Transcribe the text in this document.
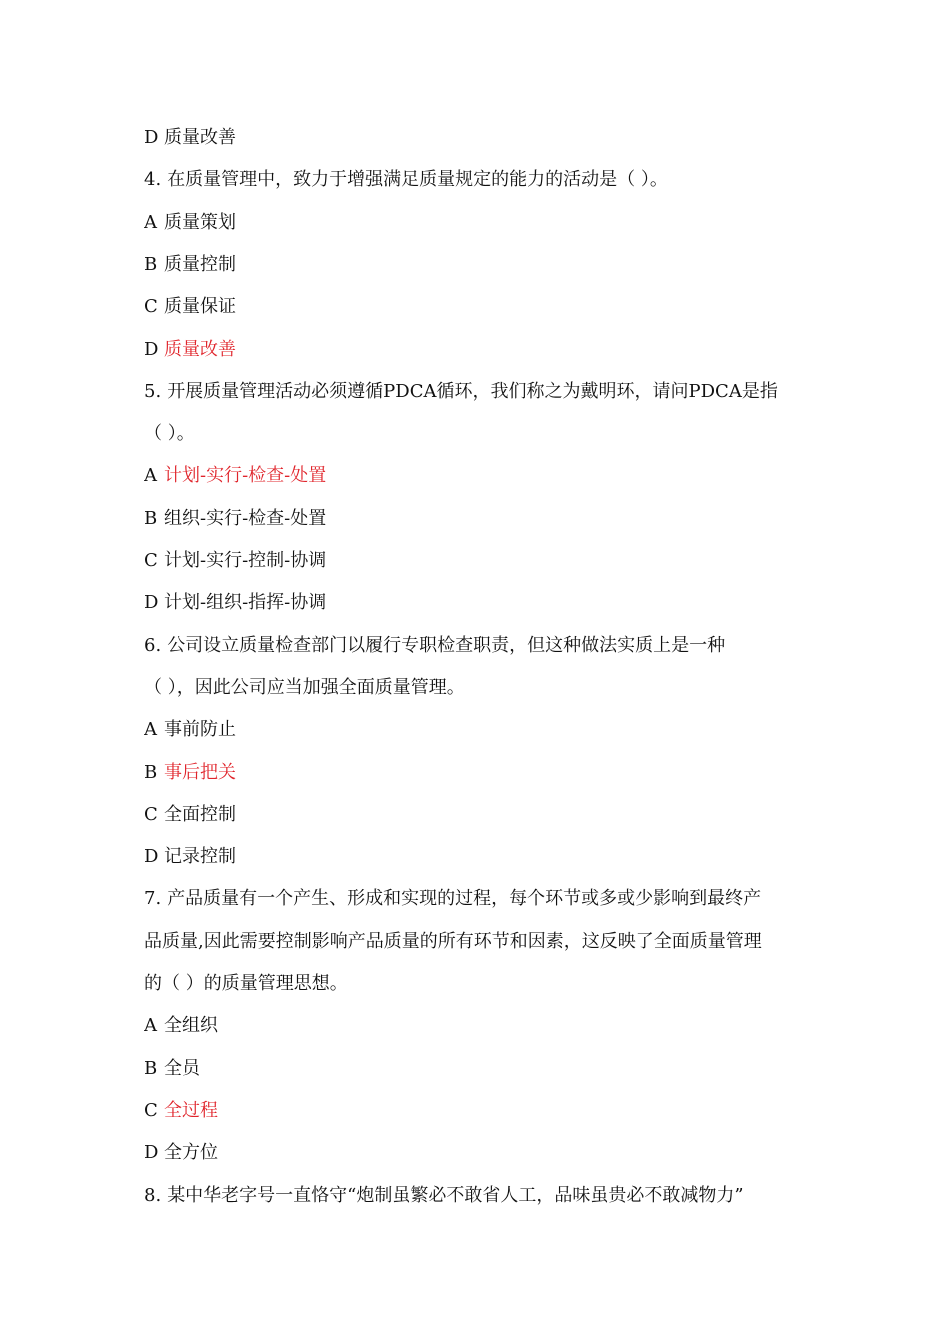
D 质量改善
4. 在质量管理中，致力于增强满足质量规定的能力的活动是（ ）。
A 质量策划
B 质量控制
C 质量保证
D 质量改善
5. 开展质量管理活动必须遵循PDCA循环，我们称之为戴明环，请问PDCA是指
（ ）。
A 计划-实行-检查-处置
B 组织-实行-检查-处置
C 计划-实行-控制-协调
D 计划-组织-指挥-协调
6. 公司设立质量检查部门以履行专职检查职责，但这种做法实质上是一种
（ ），因此公司应当加强全面质量管理。
A 事前防止
B 事后把关
C 全面控制
D 记录控制
7. 产品质量有一个产生、形成和实现的过程，每个环节或多或少影响到最终产
品质量,因此需要控制影响产品质量的所有环节和因素，这反映了全面质量管理
的（ ）的质量管理思想。
A 全组织
B 全员
C 全过程
D 全方位
8. 某中华老字号一直恪守“炮制虽繁必不敢省人工，品味虽贵必不敢减物力”
